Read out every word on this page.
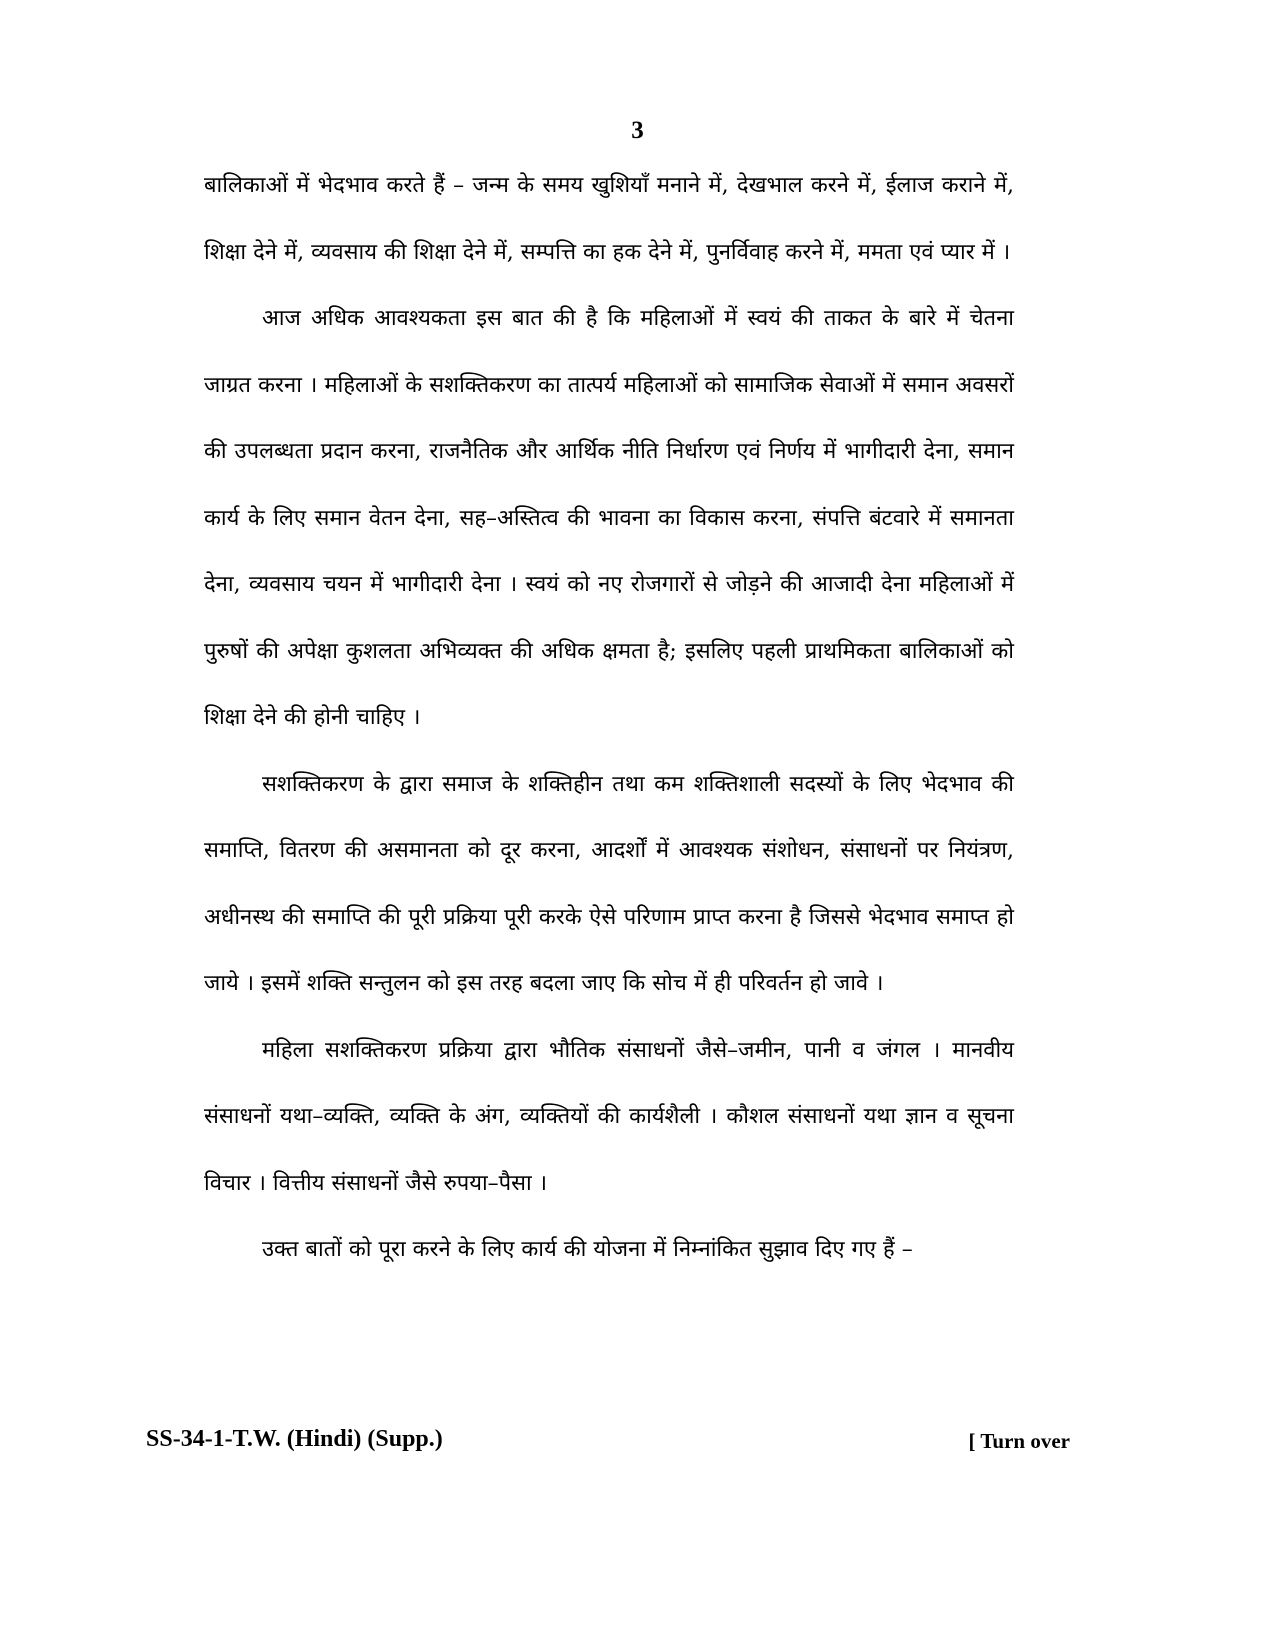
3

बालिकाओं में भेदभाव करते हैं – जन्म के समय खुशियाँ मनाने में, देखभाल करने में, ईलाज कराने में, शिक्षा देने में, व्यवसाय की शिक्षा देने में, सम्पत्ति का हक देने में, पुनर्विवाह करने में, ममता एवं प्यार में ।

आज अधिक आवश्यकता इस बात की है कि महिलाओं में स्वयं की ताकत के बारे में चेतना जाग्रत करना । महिलाओं के सशक्तिकरण का तात्पर्य महिलाओं को सामाजिक सेवाओं में समान अवसरों की उपलब्धता प्रदान करना, राजनैतिक और आर्थिक नीति निर्धारण एवं निर्णय में भागीदारी देना, समान कार्य के लिए समान वेतन देना, सह–अस्तित्व की भावना का विकास करना, संपत्ति बंटवारे में समानता देना, व्यवसाय चयन में भागीदारी देना । स्वयं को नए रोजगारों से जोड़ने की आजादी देना महिलाओं में पुरुषों की अपेक्षा कुशलता अभिव्यक्त की अधिक क्षमता है; इसलिए पहली प्राथमिकता बालिकाओं को शिक्षा देने की होनी चाहिए ।

सशक्तिकरण के द्वारा समाज के शक्तिहीन तथा कम शक्तिशाली सदस्यों के लिए भेदभाव की समाप्ति, वितरण की असमानता को दूर करना, आदर्शों में आवश्यक संशोधन, संसाधनों पर नियंत्रण, अधीनस्थ की समाप्ति की पूरी प्रक्रिया पूरी करके ऐसे परिणाम प्राप्त करना है जिससे भेदभाव समाप्त हो जाये । इसमें शक्ति सन्तुलन को इस तरह बदला जाए कि सोच में ही परिवर्तन हो जावे ।

महिला सशक्तिकरण प्रक्रिया द्वारा भौतिक संसाधनों जैसे–जमीन, पानी व जंगल । मानवीय संसाधनों यथा–व्यक्ति, व्यक्ति के अंग, व्यक्तियों की कार्यशैली । कौशल संसाधनों यथा ज्ञान व सूचना विचार । वित्तीय संसाधनों जैसे रुपया–पैसा ।

उक्त बातों को पूरा करने के लिए कार्य की योजना में निम्नांकित सुझाव दिए गए हैं –

SS-34-1-T.W. (Hindi) (Supp.)	[ Turn over
